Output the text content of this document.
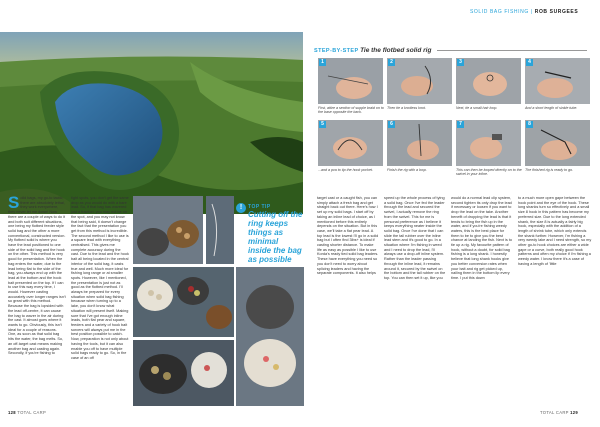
SOLID BAG FISHING | ROB SURGEES
STEP-BY-STEP Tie the flotbed solid rig
1	2	3	4
First, attire a section of supple braid on to the base opposite the back.
Then tie a knotless knot.	Next, tie a small hair loop.	And a short length of sinkle tube.
5	6	7	8
...and a pva to tip the hook pocket.	Finish the rig with a loop.	This can then be looped directly on to the swivel in your inline.
The finished rig is ready to go.
S olid bags, my go-to tactic, there are absolutely lethal, they work everywhere, they never let me down! Now there are a couple of ways to do it and both suit different situations, one being my flotbed feeder style solid bag and the other a more conventional, constructed version. My flotbed solid is where you have the lead positioned to one side of the solid bag and the hook on the other. This method is very good for presentation. When the bag enters the water, due to the lead being flat to the side of the bag, you always end up with the lead at the bottom and the hook bait presented on the top. If I can to use this way every time, I would. However casting accurately over longer ranges isn't so great with this method. Because the bag is lopsided with the lead off-centre, it can cause the bag to waver in the air during the cast. It almost goes where it wants to go. Obviously, this isn't ideal for a couple of reasons. One, as soon as that solid bag hits the water, the bag melts. So, an off-target cast means making another bag and casting again. Secondly, if you're fishing to

tight spots, you don't get the same drop as you would do with a bare lead. So, if that bag has wavered just a fraction, you may not be on the spot, and you may not know that being said, it doesn't change the fact that the presentation you get from this method is incredible. The second method I like to use is a square lead with everything centralised. This gives me complete accuracy during the cast. Due to the lead and the hook bait all being located in the central interior of the solid bag, it casts true and well. Much more ideal for fishing long range or at smaller spots. However, like I mentioned, the presentation is just not as good as the flotbed method. I'll always be prepared for every situation when solid bag fishing because when turning up to a lake, you don't know what situation will present itself. Making sure that I've got enough inline leads, both flat pear and square, feeders and a variety of hook bait sorcers will always put me in the best position possible to catch. Now, preparation is not only about having the tools, but it can also enable you off to have multiple solid bags ready to go. So, in the case of an off

!	TOP TIP
Cutting off the ring keeps things as minimal inside the bag as possible

target cast or a caught fish, you can simply attach a fresh bag and get straight back out there. Here's how I set up my solid bags. I start off by taking an inline lead of choice, as I mentioned before this entirely depends on the situation. But in this case, we'll take a flat pear lead. A top lead is the lowest I'll go in a solid bag but I often find 3lbs+ is ideal if casting shorter distance. To make life as easy as possible I like to use Korda's ready tied solid bag leaders. These have everything you need so you don't need to worry about splicing leaders and having the separate components. It also helps

speed up the whole process of tying a solid bag. Once I've fed the leader through the lead and secured the swivel, I actually remove the ring from the swivel. This for me is personal preference as I believe it keeps everything neater inside the solid bag. Once I've done that I can slide the tail rubber over the inline lead stem and it's good to go. In a situation where I'm fishing in weed and I need to drop the lead, I'll always use a drop-off inline system. Rather than the leader passing through the inline lead, it remains around it, secured by the swivel on the bottom and the tail rubber on the top. You can then set it up, like you

would do a normal lead clip system, second tighten its only drop the lead if necessary or loosen if you want to drop the lead on the take. Another benefit of dropping the lead is that it tends to bring the fish up in the water, and if you're fishing weedy waters, this is the best place for them to be to give you the best chance at landing the fish. Next is to tie up a rig. My favourite pattern of hook, without a doubt, for solid bag fishing is a long shank. I honestly believe that long shank hooks give you better conversion rates when your bait and rig get picked up, nailing them in the bottom lip every time. I put this down

to a much more open gape between the hook point and the eye of the hook. These long shanks turn so effectively and a small size 8 hook in this pattern has become my preferred size. Due to the long extended shank, the size 8 is actually a fairly big hook, especially with the addition of a length of shrink tube, which only extends the shank further. However, I'm fishing a very weedy lake and I need strength, so my other go-to hook choices are either a wide gape or a curve, both really good hook patterns and often my choice if I'm fishing a weedy water. I know there it's a case of having a length of 'little

128 TOTAL CARP	TOTAL CARP 129
